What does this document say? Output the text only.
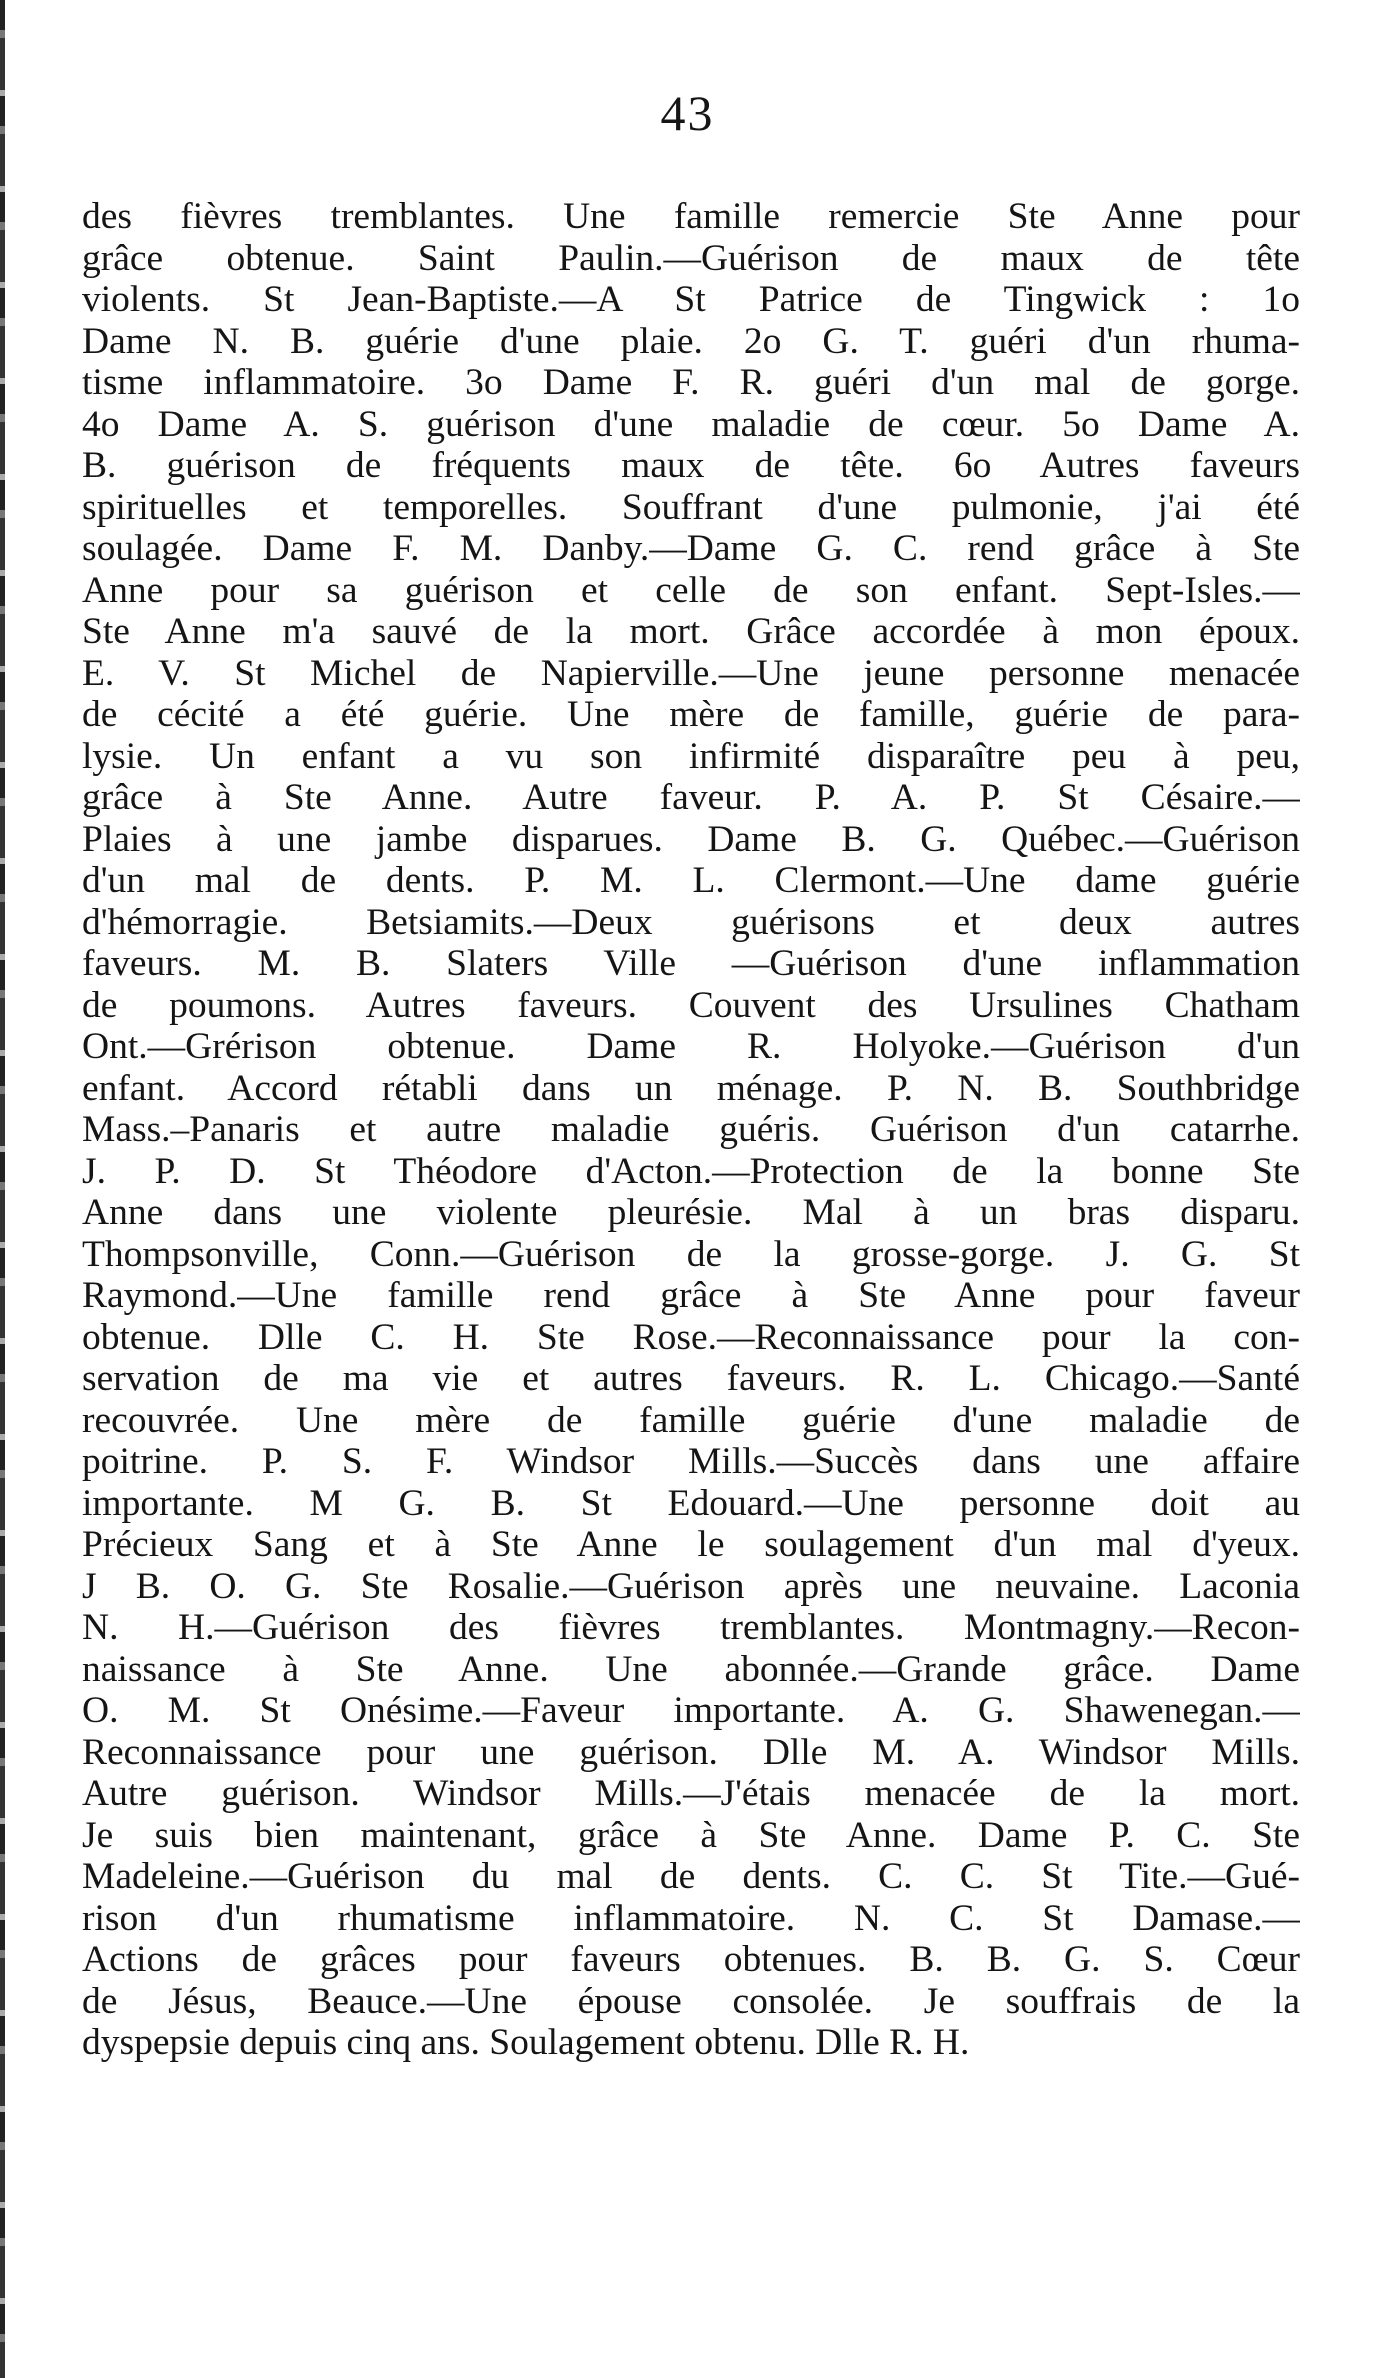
43
des fièvres tremblantes. Une famille remercie Ste Anne pour
grâce obtenue. Saint Paulin.—Guérison de maux de tête
violents. St Jean-Baptiste.—A St Patrice de Tingwick : 1o
Dame N. B. guérie d'une plaie. 2o G. T. guéri d'un rhuma-
tisme inflammatoire. 3o Dame F. R. guéri d'un mal de gorge.
4o Dame A. S. guérison d'une maladie de cœur. 5o Dame A.
B. guérison de fréquents maux de tête. 6o Autres faveurs
spirituelles et temporelles. Souffrant d'une pulmonie, j'ai été
soulagée. Dame F. M. Danby.—Dame G. C. rend grâce à Ste
Anne pour sa guérison et celle de son enfant. Sept-Isles.—
Ste Anne m'a sauvé de la mort. Grâce accordée à mon époux.
E. V. St Michel de Napierville.—Une jeune personne menacée
de cécité a été guérie. Une mère de famille, guérie de para-
lysie. Un enfant a vu son infirmité disparaître peu à peu,
grâce à Ste Anne. Autre faveur. P. A. P. St Césaire.—
Plaies à une jambe disparues. Dame B. G. Québec.—Guérison
d'un mal de dents. P. M. L. Clermont.—Une dame guérie
d'hémorragie. Betsiamits.—Deux guérisons et deux autres
faveurs. M. B. Slaters Ville —Guérison d'une inflammation
de poumons. Autres faveurs. Couvent des Ursulines Chatham
Ont.—Grérison obtenue. Dame R. Holyoke.—Guérison d'un
enfant. Accord rétabli dans un ménage. P. N. B. Southbridge
Mass.–Panaris et autre maladie guéris. Guérison d'un catarrhe.
J. P. D. St Théodore d'Acton.—Protection de la bonne Ste
Anne dans une violente pleurésie. Mal à un bras disparu.
Thompsonville, Conn.—Guérison de la grosse-gorge. J. G. St
Raymond.—Une famille rend grâce à Ste Anne pour faveur
obtenue. Dlle C. H. Ste Rose.—Reconnaissance pour la con-
servation de ma vie et autres faveurs. R. L. Chicago.—Santé
recouvrée. Une mère de famille guérie d'une maladie de
poitrine. P. S. F. Windsor Mills.—Succès dans une affaire
importante. M G. B. St Edouard.—Une personne doit au
Précieux Sang et à Ste Anne le soulagement d'un mal d'yeux.
J B. O. G. Ste Rosalie.—Guérison après une neuvaine. Laconia
N. H.—Guérison des fièvres tremblantes. Montmagny.—Recon-
naissance à Ste Anne. Une abonnée.—Grande grâce. Dame
O. M. St Onésime.—Faveur importante. A. G. Shawenegan.—
Reconnaissance pour une guérison. Dlle M. A. Windsor Mills.
Autre guérison. Windsor Mills.—J'étais menacée de la mort.
Je suis bien maintenant, grâce à Ste Anne. Dame P. C. Ste
Madeleine.—Guérison du mal de dents. C. C. St Tite.—Gué-
rison d'un rhumatisme inflammatoire. N. C. St Damase.—
Actions de grâces pour faveurs obtenues. B. B. G. S. Cœur
de Jésus, Beauce.—Une épouse consolée. Je souffrais de la
dyspepsie depuis cinq ans. Soulagement obtenu. Dlle R. H.
